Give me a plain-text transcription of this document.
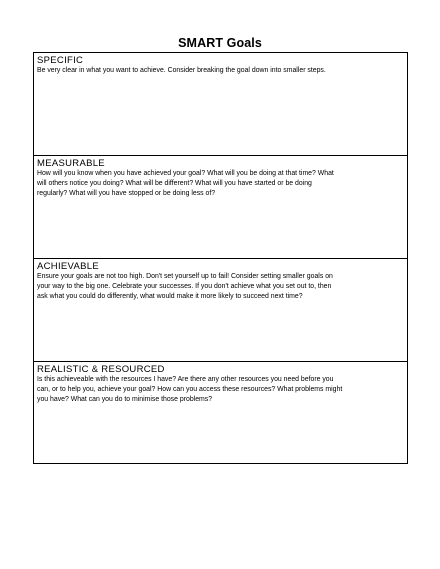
SMART Goals
SPECIFIC
Be very clear in what you want to achieve. Consider breaking the goal down into smaller steps.
MEASURABLE
How will you know when you have achieved your goal? What will you be doing at that time? What
will others notice you doing? What will be different? What will you have started or be doing
regularly? What will you have stopped or be doing less of?
ACHIEVABLE
Ensure your goals are not too high. Don't set yourself up to fail! Consider setting smaller goals on
your way to the big one. Celebrate your successes. If you don't achieve what you set out to, then
ask what you could do differently, what would make it more likely to succeed next time?
REALISTIC & RESOURCED
Is this achieveable with the resources I have? Are there any other resources you need before you
can, or to help you, achieve your goal? How can you access these resources? What problems might
you have? What can you do to minimise those problems?
